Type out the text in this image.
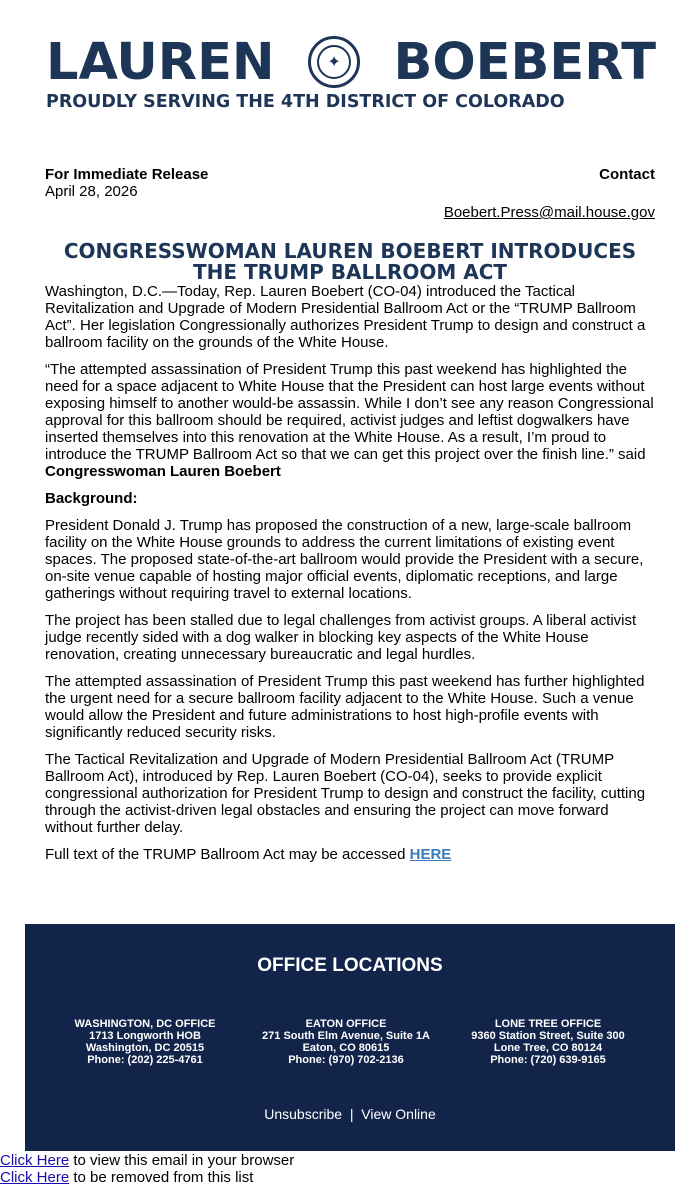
LAUREN	✦ BOEBERT
PROUDLY SERVING THE 4TH DISTRICT OF COLORADO
For Immediate Release
April 28, 2026
Contact
Boebert.Press@mail.house.gov
CONGRESSWOMAN LAUREN BOEBERT INTRODUCES
THE TRUMP BALLROOM ACT

Washington, D.C.—Today, Rep. Lauren Boebert (CO-04) introduced the Tactical Revitalization and Upgrade of Modern Presidential Ballroom Act or the “TRUMP Ballroom Act”. Her legislation Congressionally authorizes President Trump to design and construct a ballroom facility on the grounds of the White House.

“The attempted assassination of President Trump this past weekend has highlighted the need for a space adjacent to White House that the President can host large events without exposing himself to another would-be assassin. While I don’t see any reason Congressional approval for this ballroom should be required, activist judges and leftist dogwalkers have inserted themselves into this renovation at the White House. As a result, I’m proud to introduce the TRUMP Ballroom Act so that we can get this project over the finish line.” said Congresswoman Lauren Boebert

Background:

President Donald J. Trump has proposed the construction of a new, large-scale ballroom facility on the White House grounds to address the current limitations of existing event spaces. The proposed state-of-the-art ballroom would provide the President with a secure, on-site venue capable of hosting major official events, diplomatic receptions, and large gatherings without requiring travel to external locations.

The project has been stalled due to legal challenges from activist groups. A liberal activist judge recently sided with a dog walker in blocking key aspects of the White House renovation, creating unnecessary bureaucratic and legal hurdles.

The attempted assassination of President Trump this past weekend has further highlighted the urgent need for a secure ballroom facility adjacent to the White House. Such a venue would allow the President and future administrations to host high-profile events with significantly reduced security risks.

The Tactical Revitalization and Upgrade of Modern Presidential Ballroom Act (TRUMP Ballroom Act), introduced by Rep. Lauren Boebert (CO-04), seeks to provide explicit congressional authorization for President Trump to design and construct the facility, cutting through the activist-driven legal obstacles and ensuring the project can move forward without further delay.

Full text of the TRUMP Ballroom Act may be accessed HERE

OFFICE LOCATIONS
WASHINGTON, DC OFFICE
1713 Longworth HOB
Washington, DC 20515
Phone: (202) 225-4761
EATON OFFICE
271 South Elm Avenue, Suite 1A
Eaton, CO 80615
Phone: (970) 702-2136
LONE TREE OFFICE
9360 Station Street, Suite 300
Lone Tree, CO 80124
Phone: (720) 639-9165
Unsubscribe | View Online
Click Here to view this email in your browser
Click Here to be removed from this list
